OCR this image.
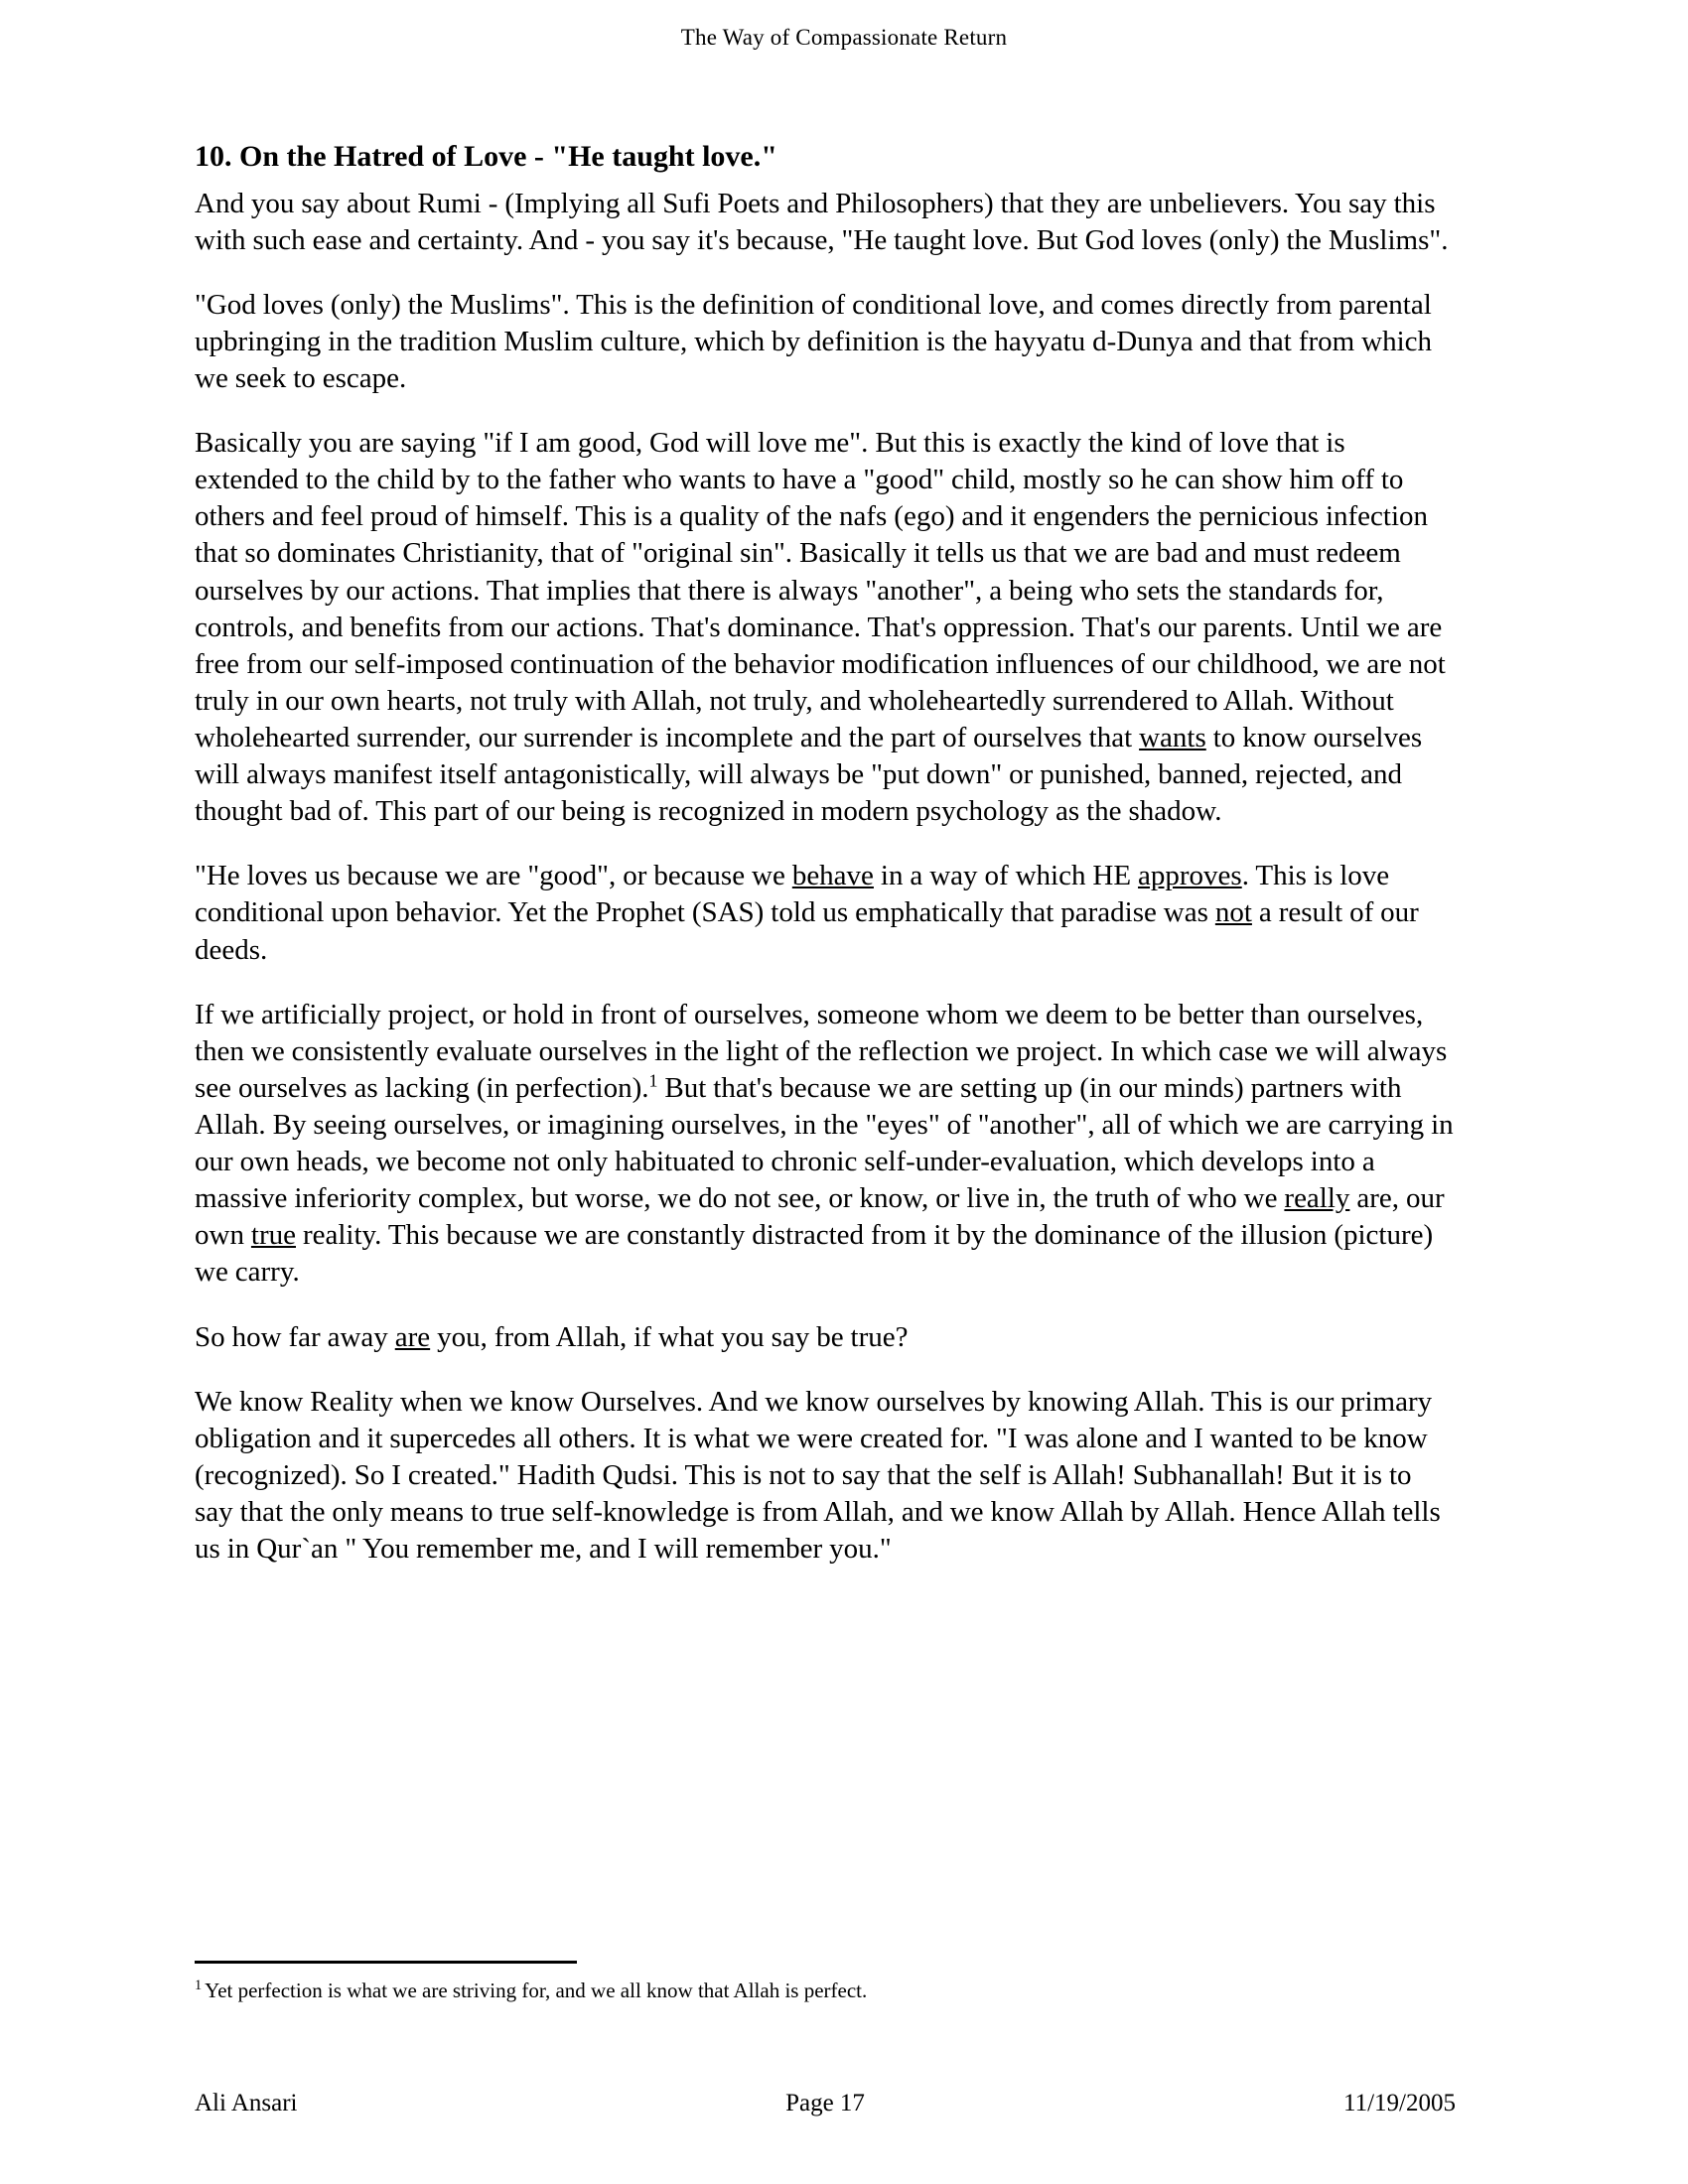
The Way of Compassionate Return
10. On the Hatred of Love - "He taught love."

And you say about Rumi - (Implying all Sufi Poets and Philosophers) that they are unbelievers. You say this with such ease and certainty. And - you say it's because, "He taught love. But God loves (only) the Muslims".

"God loves (only) the Muslims". This is the definition of conditional love, and comes directly from parental upbringing in the tradition Muslim culture, which by definition is the hayyatu d-Dunya and that from which we seek to escape.

Basically you are saying "if I am good, God will love me". But this is exactly the kind of love that is extended to the child by to the father who wants to have a "good" child, mostly so he can show him off to others and feel proud of himself. This is a quality of the nafs (ego) and it engenders the pernicious infection that so dominates Christianity, that of "original sin". Basically it tells us that we are bad and must redeem ourselves by our actions. That implies that there is always "another", a being who sets the standards for, controls, and benefits from our actions. That's dominance. That's oppression. That's our parents. Until we are free from our self-imposed continuation of the behavior modification influences of our childhood, we are not truly in our own hearts, not truly with Allah, not truly, and wholeheartedly surrendered to Allah. Without wholehearted surrender, our surrender is incomplete and the part of ourselves that wants to know ourselves will always manifest itself antagonistically, will always be "put down" or punished, banned, rejected, and thought bad of. This part of our being is recognized in modern psychology as the shadow.

"He loves us because we are "good", or because we behave in a way of which HE approves. This is love conditional upon behavior. Yet the Prophet (SAS) told us emphatically that paradise was not a result of our deeds.

If we artificially project, or hold in front of ourselves, someone whom we deem to be better than ourselves, then we consistently evaluate ourselves in the light of the reflection we project. In which case we will always see ourselves as lacking (in perfection).$^1$ But that's because we are setting up (in our minds) partners with Allah. By seeing ourselves, or imagining ourselves, in the "eyes" of "another", all of which we are carrying in our own heads, we become not only habituated to chronic self-under-evaluation, which develops into a massive inferiority complex, but worse, we do not see, or know, or live in, the truth of who we really are, our own true reality. This because we are constantly distracted from it by the dominance of the illusion (picture) we carry.

So how far away are you, from Allah, if what you say be true?

We know Reality when we know Ourselves. And we know ourselves by knowing Allah. This is our primary obligation and it supercedes all others. It is what we were created for. "I was alone and I wanted to be know (recognized). So I created." Hadith Qudsi. This is not to say that the self is Allah! Subhanallah! But it is to say that the only means to true self-knowledge is from Allah, and we know Allah by Allah. Hence Allah tells us in Qur`an " You remember me, and I will remember you."

$^1$ Yet perfection is what we are striving for, and we all know that Allah is perfect.

Ali Ansari	Page 17	11/19/2005
